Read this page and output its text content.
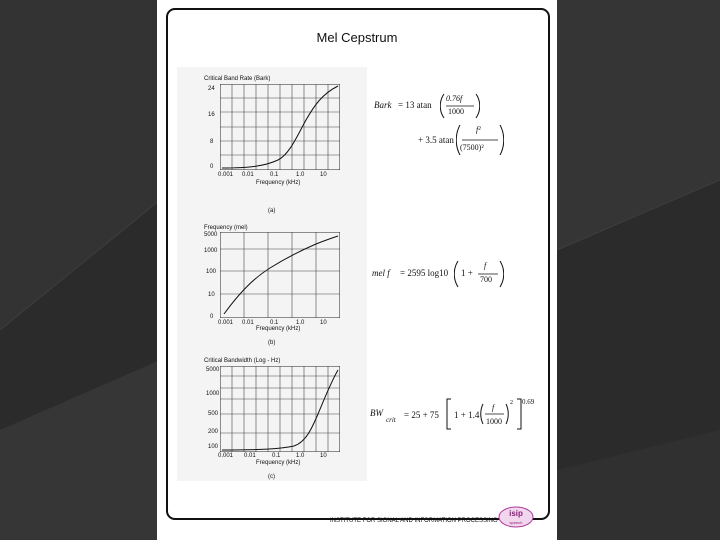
Mel Cepstrum
Critical Band Rate (Bark)
24
16
8
0
0.001 0.01	0.1	1.0	10
Frequency (kHz)
(a)
Frequency (mel)
5000
1000
100
10
0
0.001 0.01	0.1	1.0	10
Frequency (kHz)
(b)
Critical Bandwidth (Log - Hz)
5000
1000
500
200
100
0.001 0.01	0.1	1.0	10
Frequency (kHz)
(c)
Bark = 13 atan
0.76f
1000
+ 3.5 atan
f²
(7500)²
mel f = 2595 log10 1 +
f
700
BW
crit = 25 + 75 1 + 1.4
f
1000
2 0.69
INSTITUTE FOR SIGNAL AND INFORMATION PROCESSING
isip
speech
